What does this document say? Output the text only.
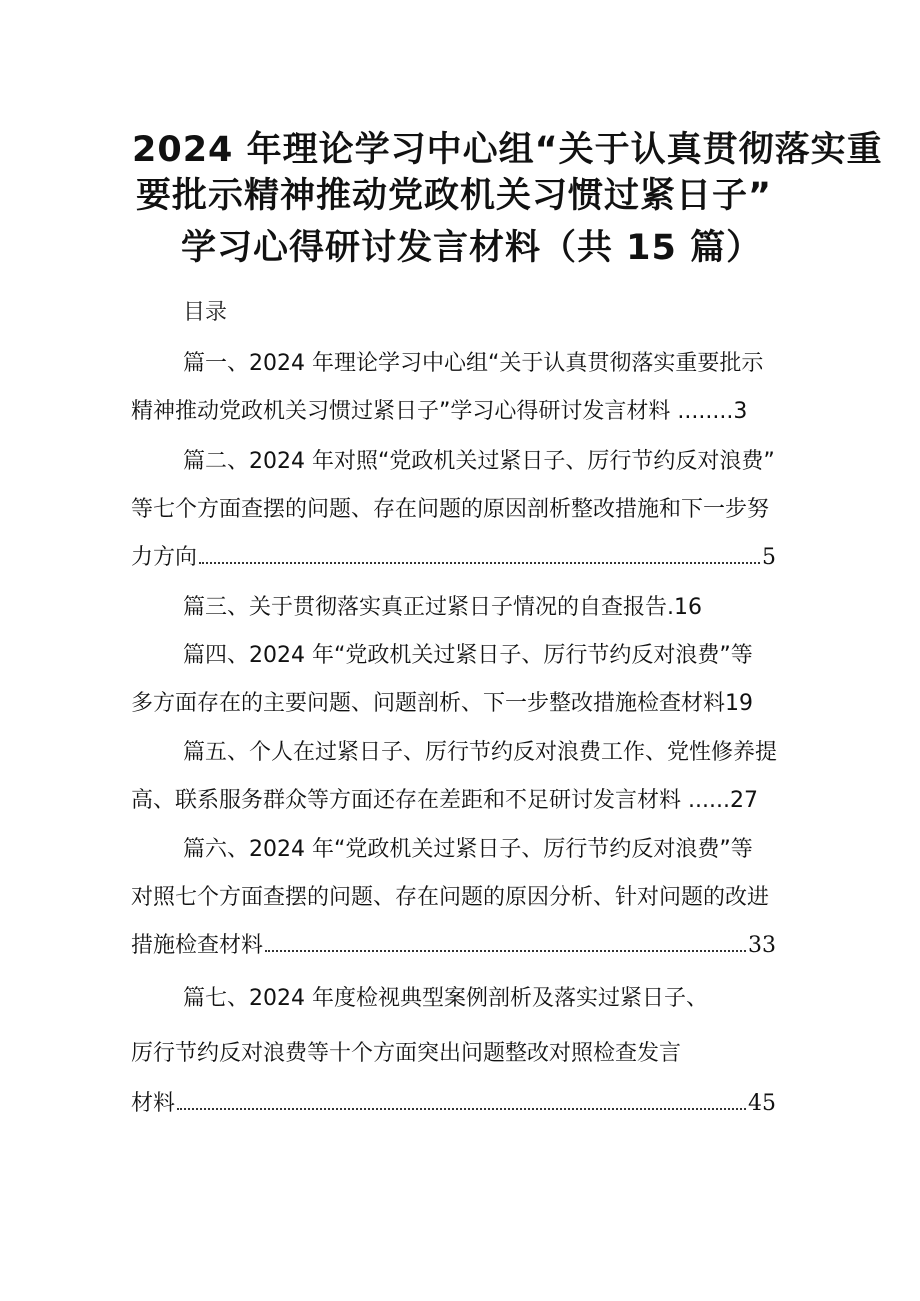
2024 年理论学习中心组“关于认真贯彻落实重
要批示精神推动党政机关习惯过紧日子”
学习心得研讨发言材料（共 15 篇）
目录
篇一、2024 年理论学习中心组“关于认真贯彻落实重要批示
精神推动党政机关习惯过紧日子”学习心得研讨发言材料 ........3
篇二、2024 年对照“党政机关过紧日子、厉行节约反对浪费”
等七个方面查摆的问题、存在问题的原因剖析整改措施和下一步努
力方向	5
篇三、关于贯彻落实真正过紧日子情况的自查报告.16
篇四、2024 年“党政机关过紧日子、厉行节约反对浪费”等
多方面存在的主要问题、问题剖析、下一步整改措施检查材料19
篇五、个人在过紧日子、厉行节约反对浪费工作、党性修养提
高、联系服务群众等方面还存在差距和不足研讨发言材料 ......27
篇六、2024 年“党政机关过紧日子、厉行节约反对浪费”等
对照七个方面查摆的问题、存在问题的原因分析、针对问题的改进
措施检查材料	33
篇七、2024 年度检视典型案例剖析及落实过紧日子、
厉行节约反对浪费等十个方面突出问题整改对照检查发言
材料	45
